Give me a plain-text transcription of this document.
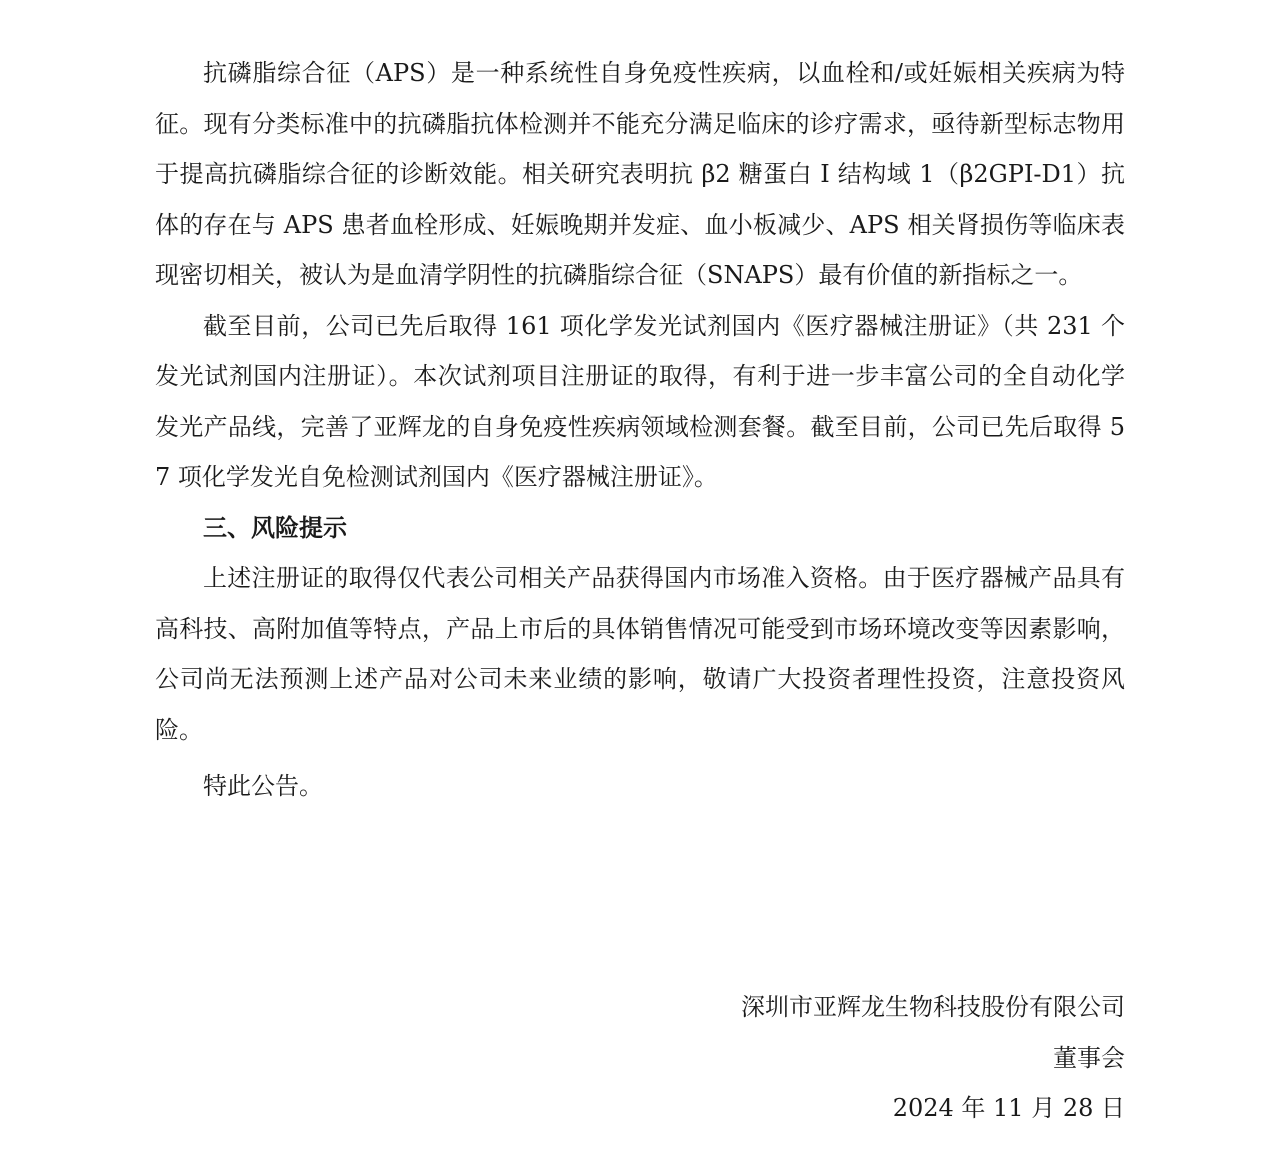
抗磷脂综合征（APS）是一种系统性自身免疫性疾病，以血栓和/或妊娠相关疾病为特征。现有分类标准中的抗磷脂抗体检测并不能充分满足临床的诊疗需求，亟待新型标志物用于提高抗磷脂综合征的诊断效能。相关研究表明抗 β2 糖蛋白 I 结构域 1（β2GPI-D1）抗体的存在与 APS 患者血栓形成、妊娠晚期并发症、血小板减少、APS 相关肾损伤等临床表现密切相关，被认为是血清学阴性的抗磷脂综合征（SNAPS）最有价值的新指标之一。

截至目前，公司已先后取得 161 项化学发光试剂国内《医疗器械注册证》（共 231 个发光试剂国内注册证）。本次试剂项目注册证的取得，有利于进一步丰富公司的全自动化学发光产品线，完善了亚辉龙的自身免疫性疾病领域检测套餐。截至目前，公司已先后取得 57 项化学发光自免检测试剂国内《医疗器械注册证》。

三、风险提示

上述注册证的取得仅代表公司相关产品获得国内市场准入资格。由于医疗器械产品具有高科技、高附加值等特点，产品上市后的具体销售情况可能受到市场环境改变等因素影响，公司尚无法预测上述产品对公司未来业绩的影响，敬请广大投资者理性投资，注意投资风险。

特此公告。

深圳市亚辉龙生物科技股份有限公司
董事会
2024 年 11 月 28 日
